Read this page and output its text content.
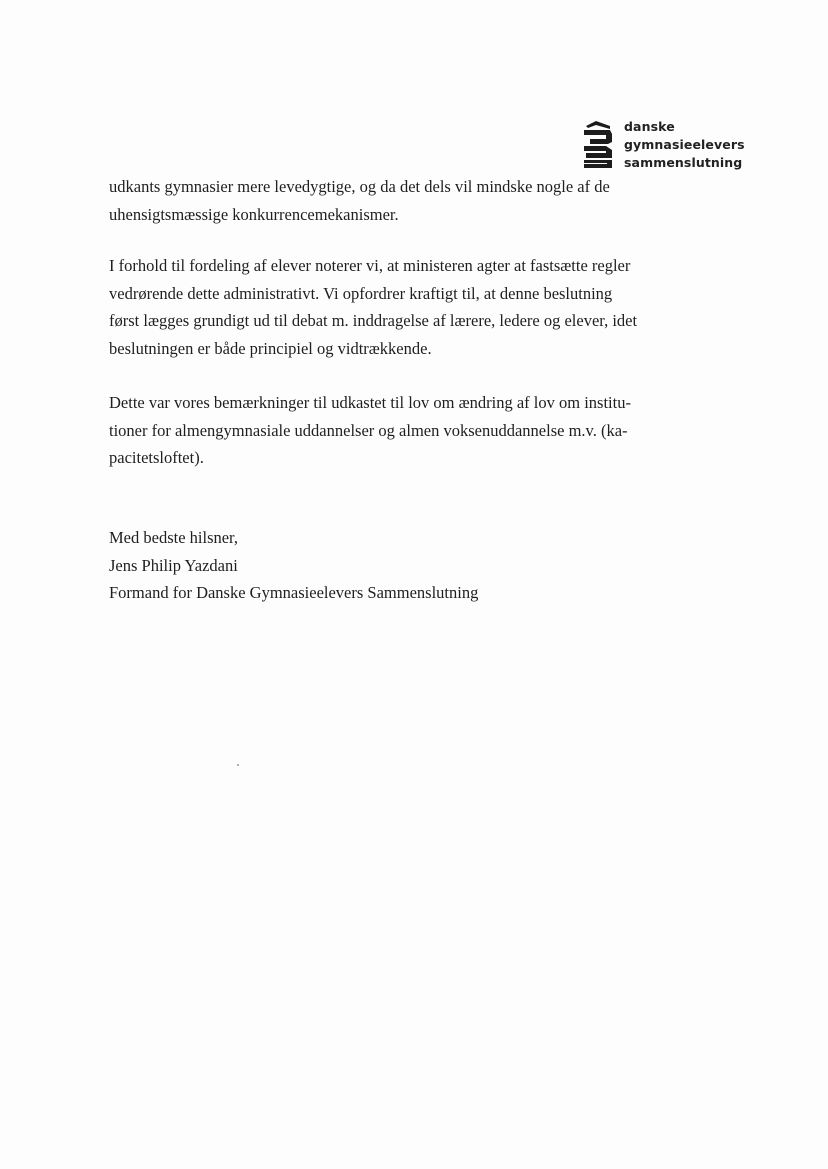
danske
gymnasieelevers
sammenslutning
udkants gymnasier mere levedygtige, og da det dels vil mindske nogle af de
uhensigtsmæssige konkurrencemekanismer.
I forhold til fordeling af elever noterer vi, at ministeren agter at fastsætte regler
vedrørende dette administrativt. Vi opfordrer kraftigt til, at denne beslutning
først lægges grundigt ud til debat m. inddragelse af lærere, ledere og elever, idet
beslutningen er både principiel og vidtrækkende.
Dette var vores bemærkninger til udkastet til lov om ændring af lov om institu-
tioner for almengymnasiale uddannelser og almen voksenuddannelse m.v. (ka-
pacitetsloftet).
Med bedste hilsner,
Jens Philip Yazdani
Formand for Danske Gymnasieelevers Sammenslutning
